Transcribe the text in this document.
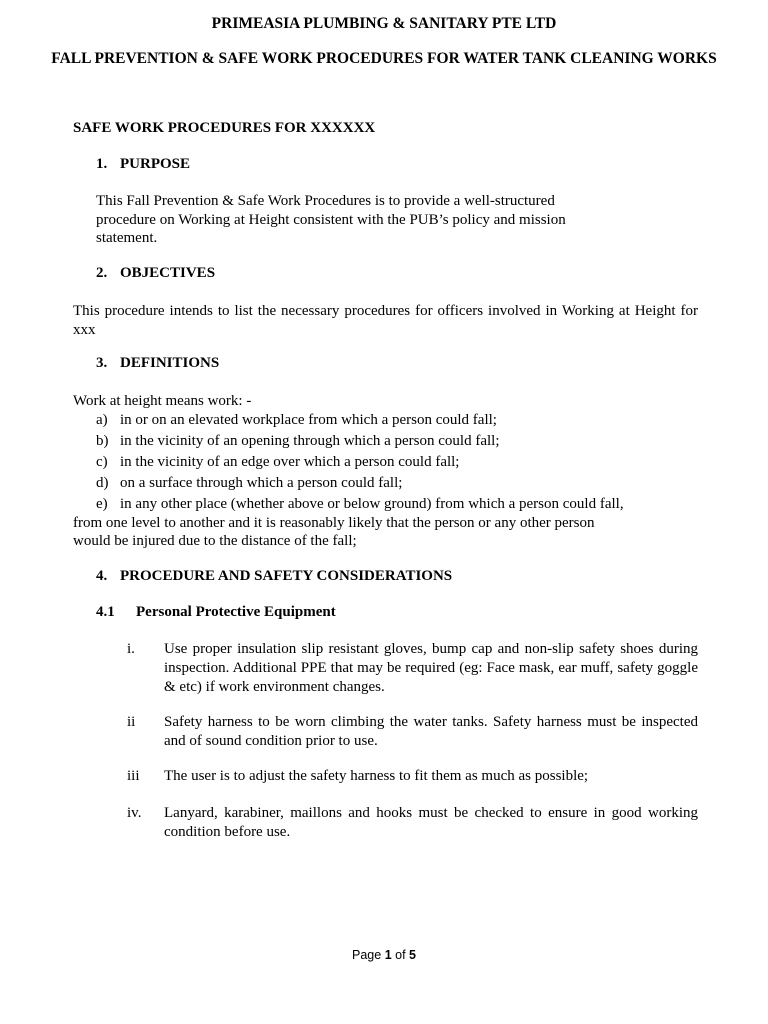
PRIMEASIA PLUMBING & SANITARY PTE LTD
FALL PREVENTION & SAFE WORK PROCEDURES FOR WATER TANK CLEANING WORKS
SAFE WORK PROCEDURES FOR XXXXXX
1. PURPOSE
This Fall Prevention & Safe Work Procedures is to provide a well-structured
procedure on Working at Height consistent with the PUB’s policy and mission
statement.
2. OBJECTIVES
This procedure intends to list the necessary procedures for officers involved in Working at Height for xxx
3. DEFINITIONS
Work at height means work: -
a) in or on an elevated workplace from which a person could fall;
b) in the vicinity of an opening through which a person could fall;
c) in the vicinity of an edge over which a person could fall;
d) on a surface through which a person could fall;
e) in any other place (whether above or below ground) from which a person could fall,
from one level to another and it is reasonably likely that the person or any other person
would be injured due to the distance of the fall;
4. PROCEDURE AND SAFETY CONSIDERATIONS
4.1 Personal Protective Equipment
i. Use proper insulation slip resistant gloves, bump cap and non-slip safety shoes during inspection. Additional PPE that may be required (eg: Face mask, ear muff, safety goggle & etc) if work environment changes.
ii Safety harness to be worn climbing the water tanks. Safety harness must be inspected and of sound condition prior to use.
iii The user is to adjust the safety harness to fit them as much as possible;
iv. Lanyard, karabiner, maillons and hooks must be checked to ensure in good working condition before use.
Page 1 of 5
